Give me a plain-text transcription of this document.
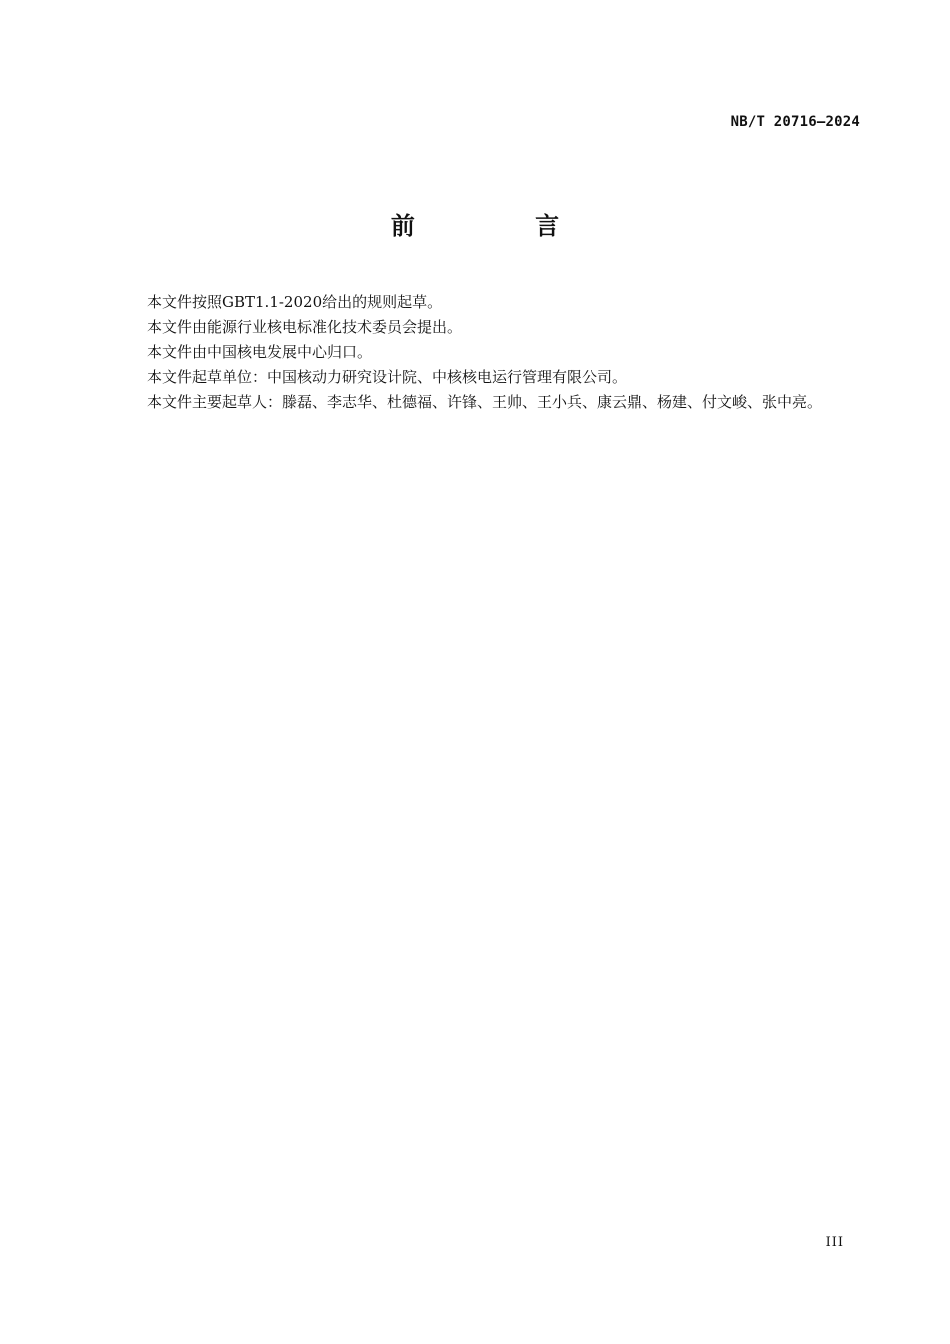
NB/T 20716—2024
前 言

本文件按照GBT1.1-2020给出的规则起草。

本文件由能源行业核电标准化技术委员会提出。

本文件由中国核电发展中心归口。

本文件起草单位：中国核动力研究设计院、中核核电运行管理有限公司。

本文件主要起草人：滕磊、李志华、杜德福、许锋、王帅、王小兵、康云鼎、杨建、付文峻、张中亮。

III
